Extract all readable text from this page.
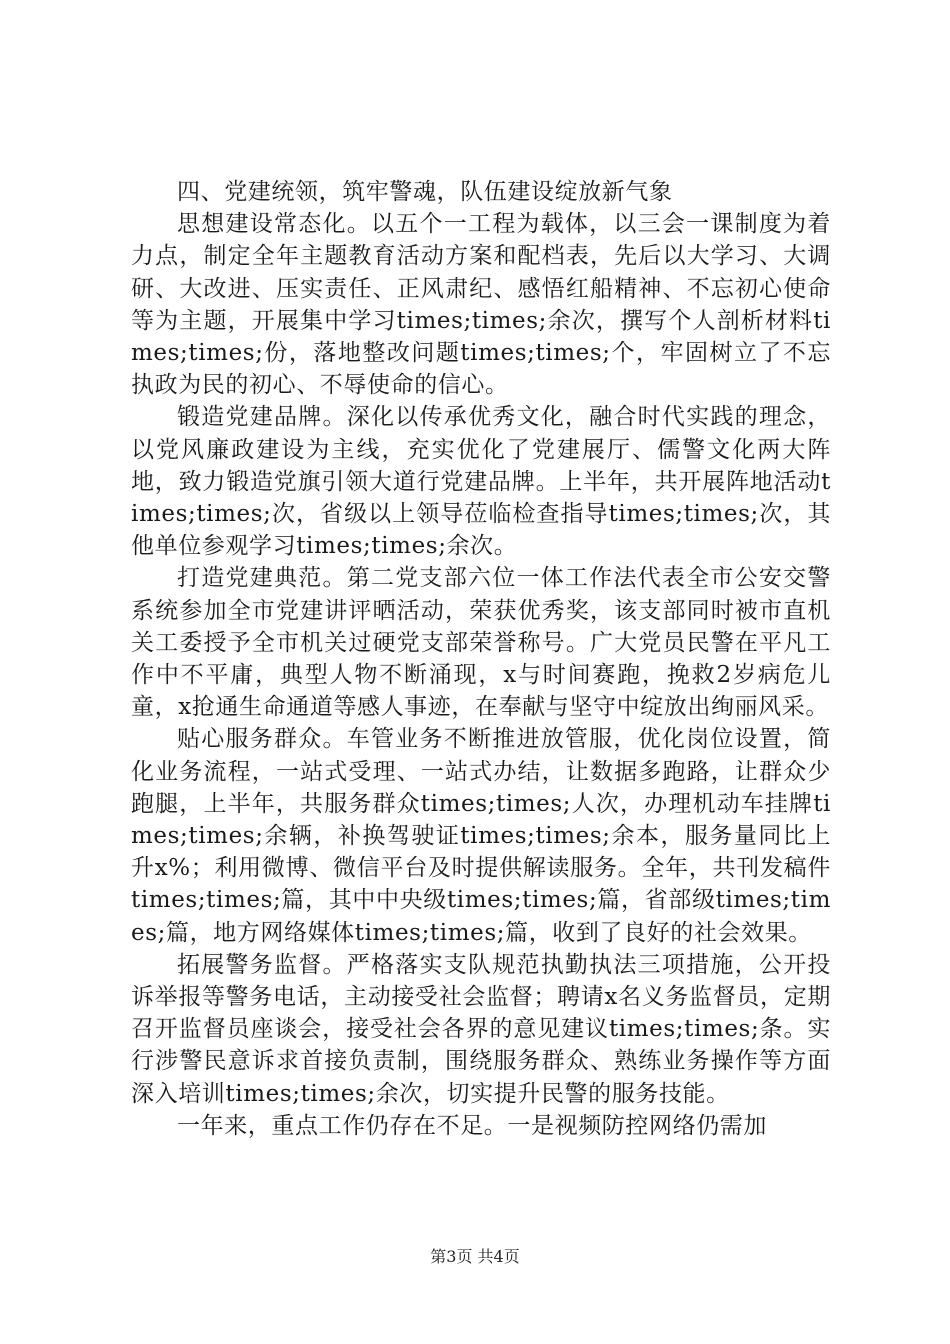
四、党建统领，筑牢警魂，队伍建设绽放新气象

思想建设常态化。以五个一工程为载体，以三会一课制度为着力点，制定全年主题教育活动方案和配档表，先后以大学习、大调研、大改进、压实责任、正风肃纪、感悟红船精神、不忘初心使命等为主题，开展集中学习times;times;余次，撰写个人剖析材料times;times;份，落地整改问题times;times;个，牢固树立了不忘执政为民的初心、不辱使命的信心。

锻造党建品牌。深化以传承优秀文化，融合时代实践的理念，以党风廉政建设为主线，充实优化了党建展厅、儒警文化两大阵地，致力锻造党旗引领大道行党建品牌。上半年，共开展阵地活动times;times;次，省级以上领导莅临检查指导times;times;次，其他单位参观学习times;times;余次。

打造党建典范。第二党支部六位一体工作法代表全市公安交警系统参加全市党建讲评晒活动，荣获优秀奖，该支部同时被市直机关工委授予全市机关过硬党支部荣誉称号。广大党员民警在平凡工作中不平庸，典型人物不断涌现，x与时间赛跑，挽救2岁病危儿童，x抢通生命通道等感人事迹，在奉献与坚守中绽放出绚丽风采。

贴心服务群众。车管业务不断推进放管服，优化岗位设置，简化业务流程，一站式受理、一站式办结，让数据多跑路，让群众少跑腿，上半年，共服务群众times;times;人次，办理机动车挂牌times;times;余辆，补换驾驶证times;times;余本，服务量同比上升x%；利用微博、微信平台及时提供解读服务。全年，共刊发稿件times;times;篇，其中中央级times;times;篇，省部级times;times;篇，地方网络媒体times;times;篇，收到了良好的社会效果。

拓展警务监督。严格落实支队规范执勤执法三项措施，公开投诉举报等警务电话，主动接受社会监督；聘请x名义务监督员，定期召开监督员座谈会，接受社会各界的意见建议times;times;条。实行涉警民意诉求首接负责制，围绕服务群众、熟练业务操作等方面深入培训times;times;余次，切实提升民警的服务技能。

一年来，重点工作仍存在不足。一是视频防控网络仍需加

第3页 共4页
